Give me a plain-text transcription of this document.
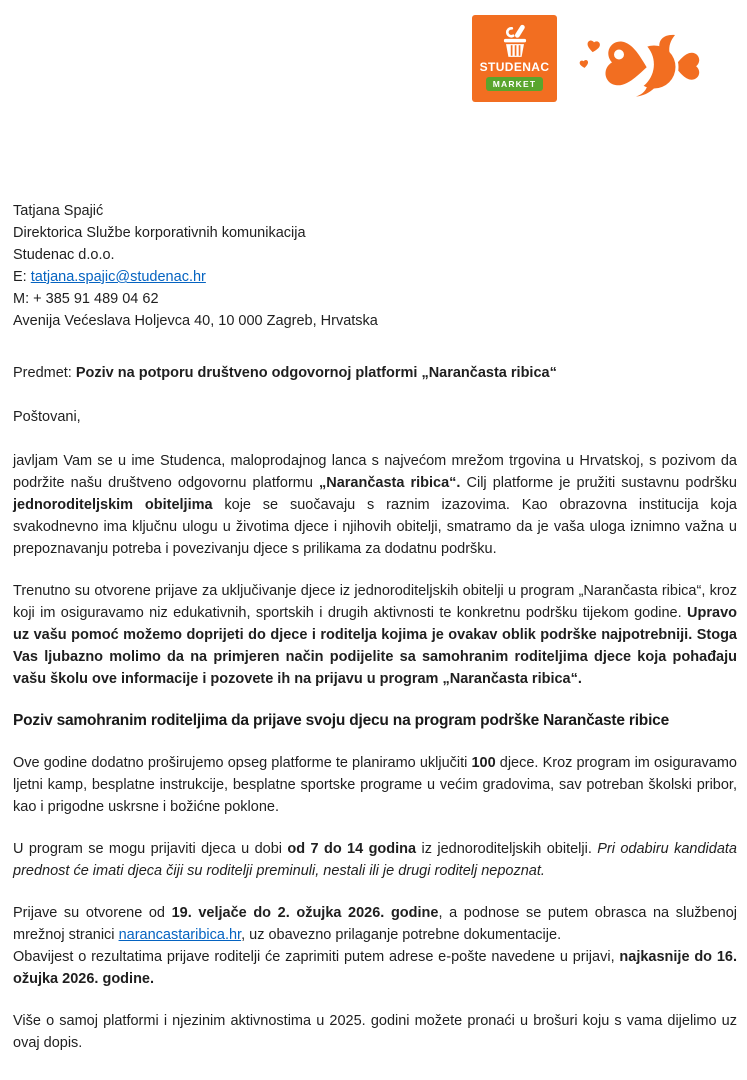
STUDENAC
MARKET
Tatjana Spajić
Direktorica Službe korporativnih komunikacija
Studenac d.o.o.
E: tatjana.spajic@studenac.hr
M: + 385 91 489 04 62
Avenija Većeslava Holjevca 40, 10 000 Zagreb, Hrvatska

Predmet: Poziv na potporu društveno odgovornoj platformi „Narančasta ribica“

Poštovani,

javljam Vam se u ime Studenca, maloprodajnog lanca s najvećom mrežom trgovina u Hrvatskoj, s pozivom da podržite našu društveno odgovornu platformu „Narančasta ribica“. Cilj platforme je pružiti sustavnu podršku jednoroditeljskim obiteljima koje se suočavaju s raznim izazovima. Kao obrazovna institucija koja svakodnevno ima ključnu ulogu u životima djece i njihovih obitelji, smatramo da je vaša uloga iznimno važna u prepoznavanju potreba i povezivanju djece s prilikama za dodatnu podršku.

Trenutno su otvorene prijave za uključivanje djece iz jednoroditeljskih obitelji u program „Narančasta ribica“, kroz koji im osiguravamo niz edukativnih, sportskih i drugih aktivnosti te konkretnu podršku tijekom godine. Upravo uz vašu pomoć možemo doprijeti do djece i roditelja kojima je ovakav oblik podrške najpotrebniji. Stoga Vas ljubazno molimo da na primjeren način podijelite sa samohranim roditeljima djece koja pohađaju vašu školu ove informacije i pozovete ih na prijavu u program „Narančasta ribica“.

Poziv samohranim roditeljima da prijave svoju djecu na program podrške Narančaste ribice

Ove godine dodatno proširujemo opseg platforme te planiramo uključiti 100 djece. Kroz program im osiguravamo ljetni kamp, besplatne instrukcije, besplatne sportske programe u većim gradovima, sav potreban školski pribor, kao i prigodne uskrsne i božićne poklone.

U program se mogu prijaviti djeca u dobi od 7 do 14 godina iz jednoroditeljskih obitelji. Pri odabiru kandidata prednost će imati djeca čiji su roditelji preminuli, nestali ili je drugi roditelj nepoznat.

Prijave su otvorene od 19. veljače do 2. ožujka 2026. godine, a podnose se putem obrasca na službenoj mrežnoj stranici narancastaribica.hr, uz obavezno prilaganje potrebne dokumentacije.
Obavijest o rezultatima prijave roditelji će zaprimiti putem adrese e-pošte navedene u prijavi, najkasnije do 16. ožujka 2026. godine.

Više o samoj platformi i njezinim aktivnostima u 2025. godini možete pronaći u brošuri koju s vama dijelimo uz ovaj dopis.
